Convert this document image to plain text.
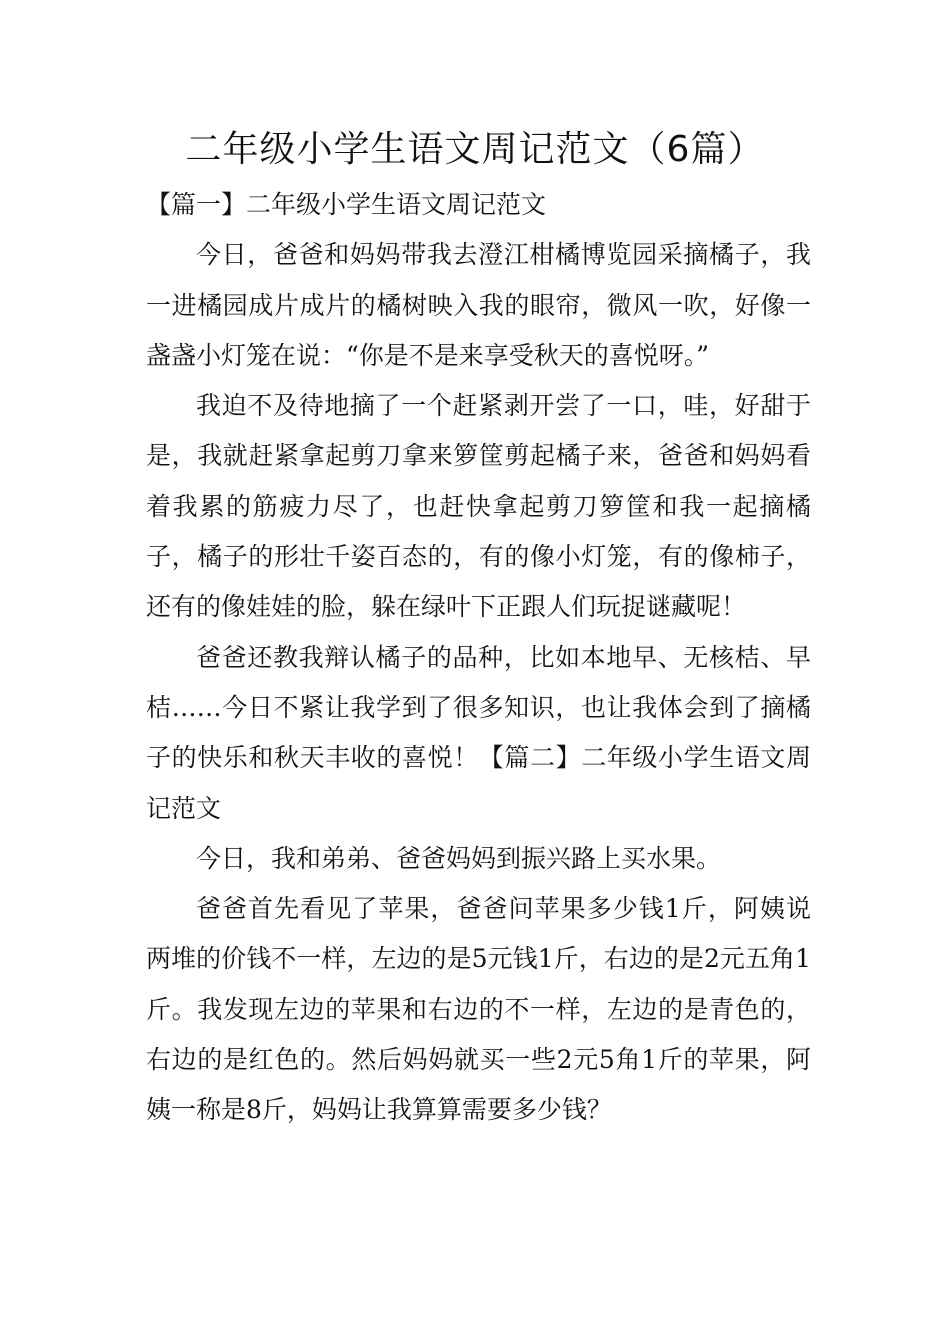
二年级小学生语文周记范文（6篇）

【篇一】二年级小学生语文周记范文

今日，爸爸和妈妈带我去澄江柑橘博览园采摘橘子，我一进橘园成片成片的橘树映入我的眼帘，微风一吹，好像一盏盏小灯笼在说：“你是不是来享受秋天的喜悦呀。”

我迫不及待地摘了一个赶紧剥开尝了一口，哇，好甜于是，我就赶紧拿起剪刀拿来箩筐剪起橘子来，爸爸和妈妈看着我累的筋疲力尽了，也赶快拿起剪刀箩筐和我一起摘橘子，橘子的形壮千姿百态的，有的像小灯笼，有的像柿子，还有的像娃娃的脸，躲在绿叶下正跟人们玩捉谜藏呢！

爸爸还教我辩认橘子的品种，比如本地早、无核桔、早桔……今日不紧让我学到了很多知识，也让我体会到了摘橘子的快乐和秋天丰收的喜悦！【篇二】二年级小学生语文周记范文

今日，我和弟弟、爸爸妈妈到振兴路上买水果。

爸爸首先看见了苹果，爸爸问苹果多少钱1斤，阿姨说两堆的价钱不一样，左边的是5元钱1斤，右边的是2元五角1斤。我发现左边的苹果和右边的不一样，左边的是青色的，右边的是红色的。然后妈妈就买一些2元5角1斤的苹果，阿姨一称是8斤，妈妈让我算算需要多少钱？
